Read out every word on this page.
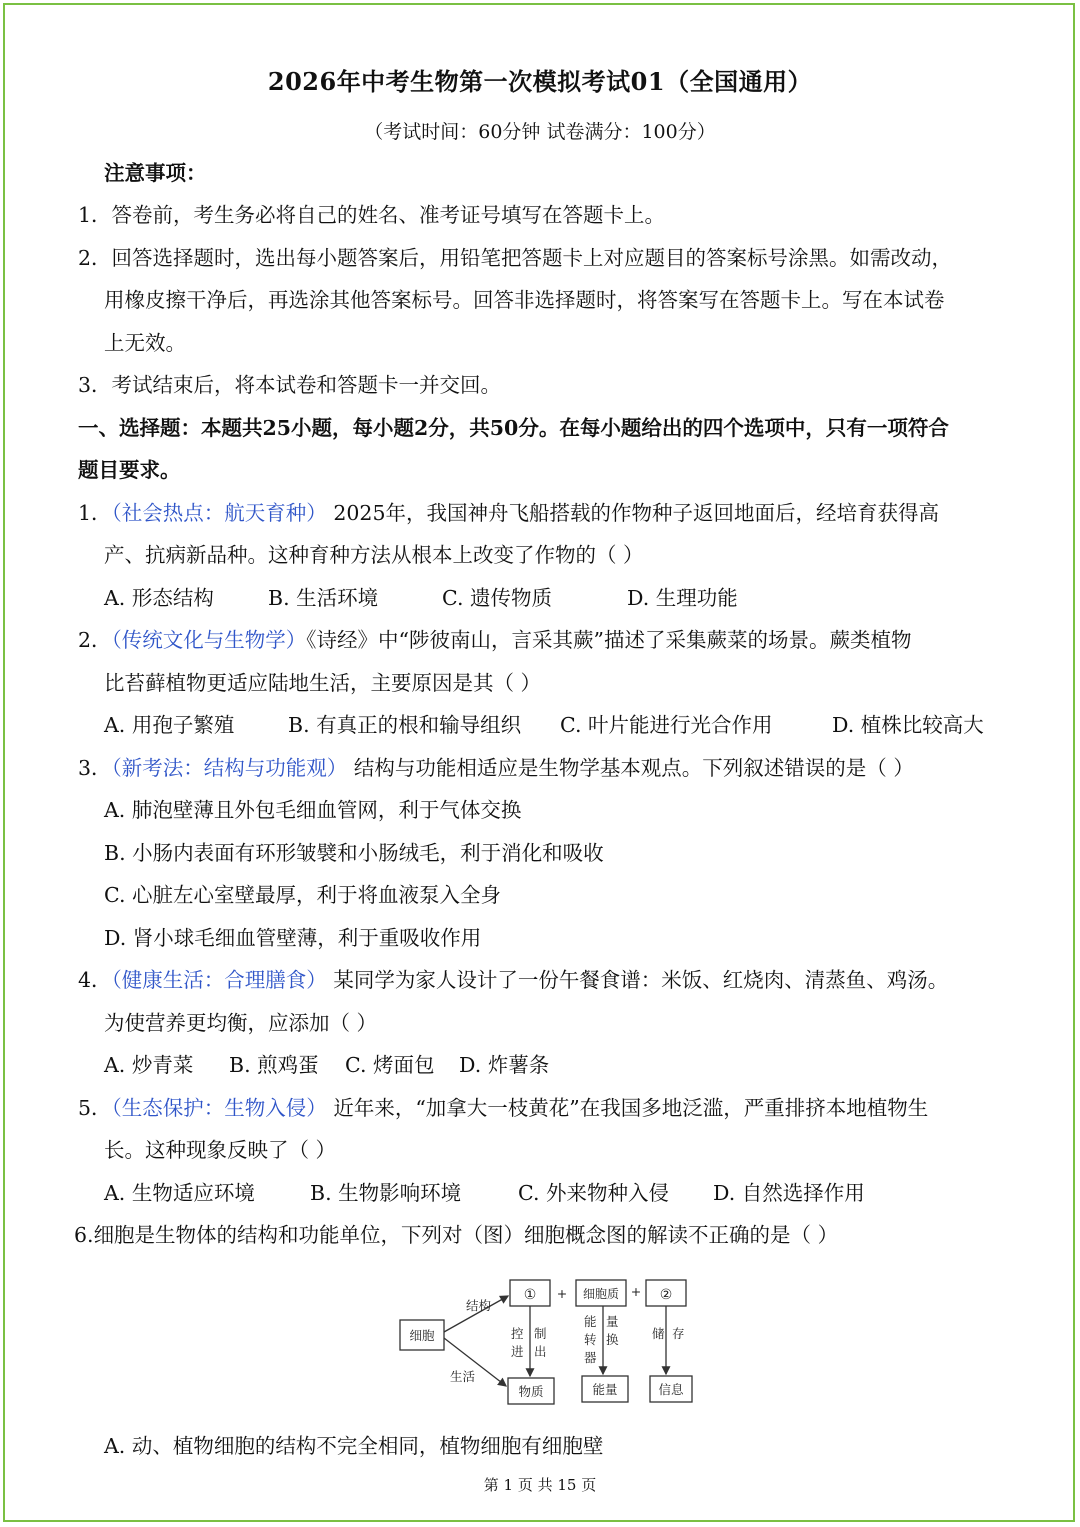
2026年中考生物第一次模拟考试01（全国通用）
（考试时间：60分钟 试卷满分：100分）
注意事项：
1．答卷前，考生务必将自己的姓名、准考证号填写在答题卡上。
2．回答选择题时，选出每小题答案后，用铅笔把答题卡上对应题目的答案标号涂黑。如需改动，
用橡皮擦干净后，再选涂其他答案标号。回答非选择题时，将答案写在答题卡上。写在本试卷
上无效。
3．考试结束后，将本试卷和答题卡一并交回。
一、选择题：本题共25小题，每小题2分，共50分。在每小题给出的四个选项中，只有一项符合
题目要求。
1．（社会热点：航天育种） 2025年，我国神舟飞船搭载的作物种子返回地面后，经培育获得高
产、抗病新品种。这种育种方法从根本上改变了作物的（ ）
A. 形态结构	B. 生活环境	C. 遗传物质	D. 生理功能
2．（传统文化与生物学）《诗经》中“陟彼南山，言采其蕨”描述了采集蕨菜的场景。蕨类植物
比苔藓植物更适应陆地生活，主要原因是其（ ）
A. 用孢子繁殖	B. 有真正的根和输导组织 C. 叶片能进行光合作用	D. 植株比较高大
3．（新考法：结构与功能观） 结构与功能相适应是生物学基本观点。下列叙述错误的是（ ）
A. 肺泡壁薄且外包毛细血管网，利于气体交换
B. 小肠内表面有环形皱襞和小肠绒毛，利于消化和吸收
C. 心脏左心室壁最厚，利于将血液泵入全身
D. 肾小球毛细血管壁薄，利于重吸收作用
4．（健康生活：合理膳食） 某同学为家人设计了一份午餐食谱：米饭、红烧肉、清蒸鱼、鸡汤。
为使营养更均衡，应添加（ ）
A. 炒青菜 B. 煎鸡蛋 C. 烤面包 D. 炸薯条
5．（生态保护：生物入侵） 近年来，“加拿大一枝黄花”在我国多地泛滥，严重排挤本地植物生
长。这种现象反映了（ ）
A. 生物适应环境	B. 生物影响环境	C. 外来物种入侵 D. 自然选择作用
6.细胞是生物体的结构和功能单位，下列对（图）细胞概念图的解读不正确的是（ ）
细胞
结构
生活
① + 细胞质 + ②
控
进
制
出
能
转
器
量
换	储 存
物质	能量	信息
A. 动、植物细胞的结构不完全相同，植物细胞有细胞壁
第 1 页 共 15 页
